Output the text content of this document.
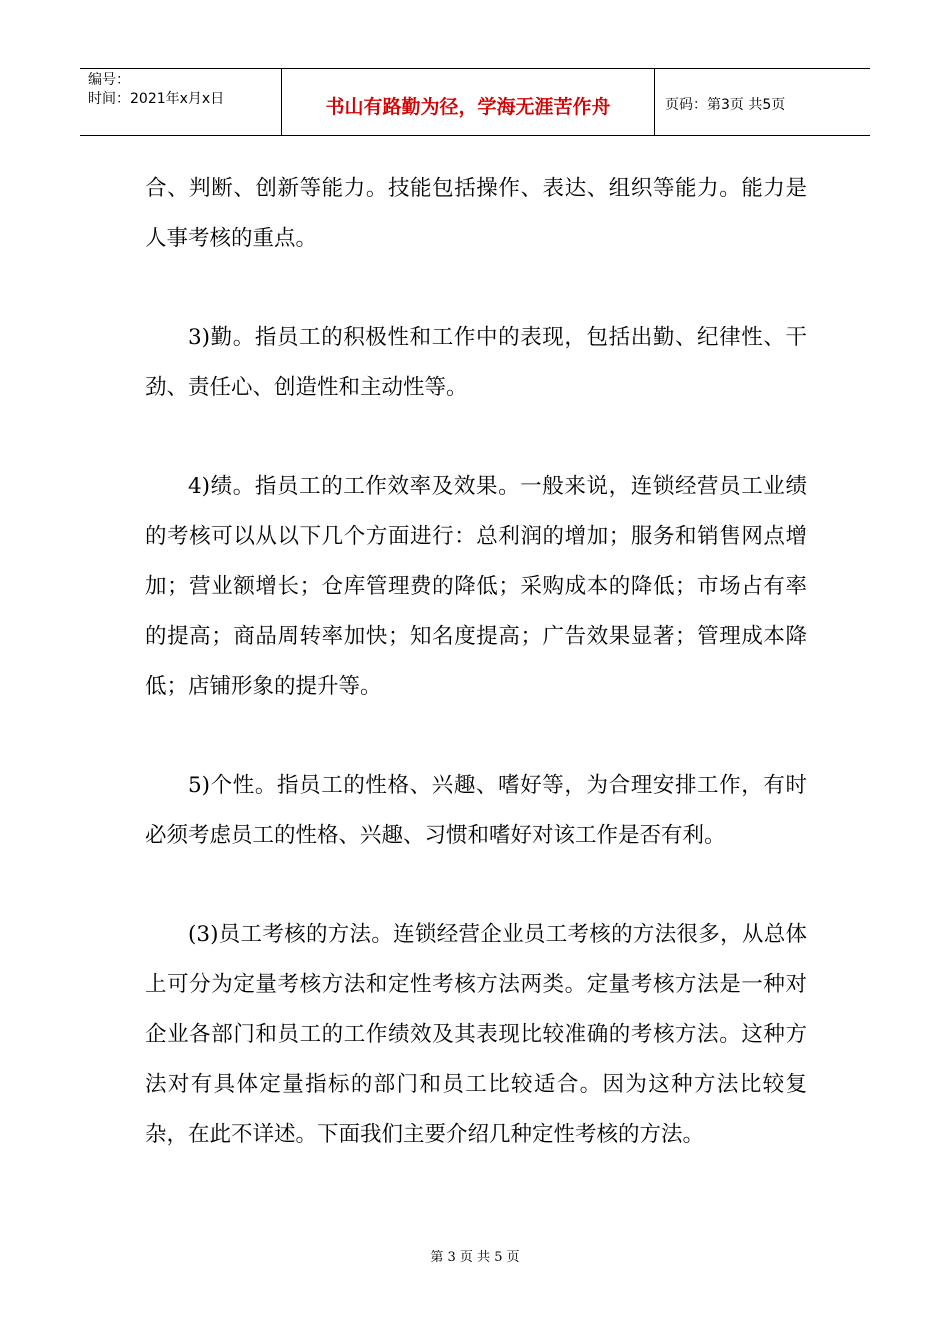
编号：
时间：2021年x月x日	书山有路勤为径，学海无涯苦作舟	页码：第3页 共5页

合、判断、创新等能力。技能包括操作、表达、组织等能力。能力是人事考核的重点。

3)勤。指员工的积极性和工作中的表现，包括出勤、纪律性、干劲、责任心、创造性和主动性等。

4)绩。指员工的工作效率及效果。一般来说，连锁经营员工业绩的考核可以从以下几个方面进行：总利润的增加；服务和销售网点增加；营业额增长；仓库管理费的降低；采购成本的降低；市场占有率的提高；商品周转率加快；知名度提高；广告效果显著；管理成本降低；店铺形象的提升等。

5)个性。指员工的性格、兴趣、嗜好等，为合理安排工作，有时必须考虑员工的性格、兴趣、习惯和嗜好对该工作是否有利。

(3)员工考核的方法。连锁经营企业员工考核的方法很多，从总体上可分为定量考核方法和定性考核方法两类。定量考核方法是一种对企业各部门和员工的工作绩效及其表现比较准确的考核方法。这种方法对有具体定量指标的部门和员工比较适合。因为这种方法比较复杂，在此不详述。下面我们主要介绍几种定性考核的方法。

第 3 页 共 5 页
